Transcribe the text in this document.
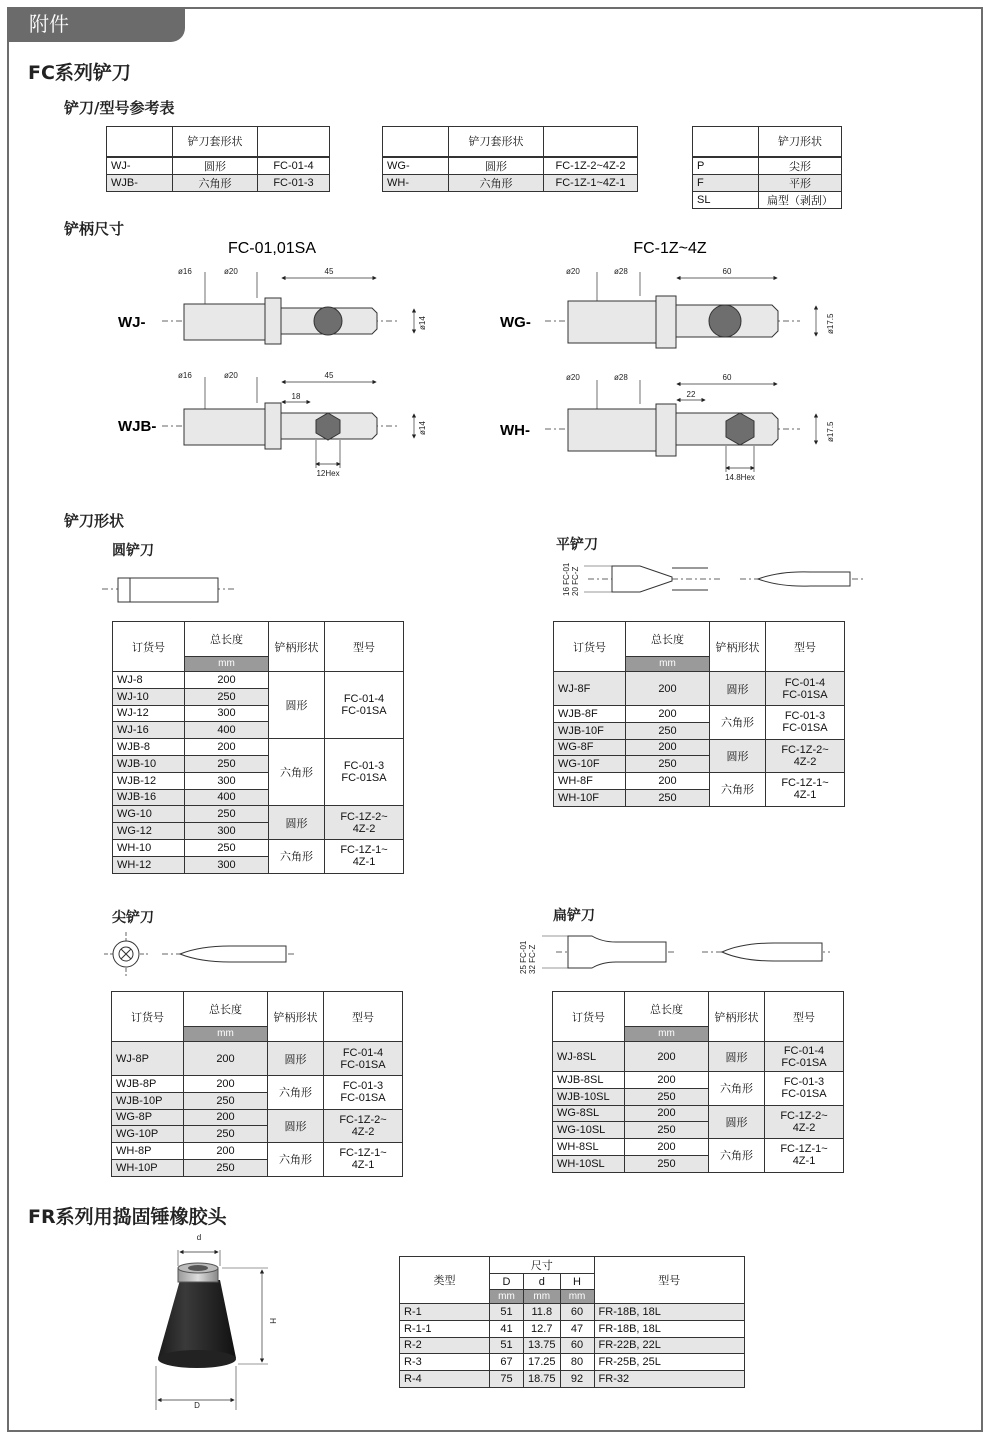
附件
FC系列铲刀
铲刀/型号参考表
	铲刀套形状	
WJ-	圆形	FC-01-4
WJB-	六角形	FC-01-3
	铲刀套形状	
WG-	圆形	FC-1Z-2~4Z-2
WH-	六角形	FC-1Z-1~4Z-1
	铲刀形状
P	尖形
F	平形
SL	扁型（剥刮）
铲柄尺寸
FC-01,01SA	FC-1Z~4Z
WJ-
ø16	ø20	45
ø14
WJB-
ø16	ø20	45
18
12Hex
ø14
WG-
ø20	ø28	60
ø17.5
WH-
ø20	ø28	60
22
14.8Hex
ø17.5
铲刀形状
圆铲刀
订货号	总长度	铲柄形状	型号
	mm		
WJ-8	200	圆形	FC-01-4
FC-01SA

WJ-10	250		
WJ-12	300		
WJ-16	400		
WJB-8	200	六角形	FC-01-3
FC-01SA

WJB-10	250		
WJB-12	300		
WJB-16	400		
WG-10	250	圆形	FC-1Z-2~
4Z-2

WG-12	300		
WH-10	250	六角形	FC-1Z-1~
4Z-1

WH-12	300		
平铲刀
16 FC-01 20 FC-Z
订货号	总长度	铲柄形状	型号
	mm		
WJ-8F	200	圆形	FC-01-4
FC-01SA

WJB-8F	200	六角形	FC-01-3
FC-01SA

WJB-10F	250		
WG-8F	200	圆形	FC-1Z-2~
4Z-2

WG-10F	250		
WH-8F	200	六角形	FC-1Z-1~
4Z-1

WH-10F	250		
尖铲刀
订货号	总长度	铲柄形状	型号
	mm		
WJ-8P	200	圆形	FC-01-4
FC-01SA

WJB-8P	200	六角形	FC-01-3
FC-01SA

WJB-10P	250		
WG-8P	200	圆形	FC-1Z-2~
4Z-2

WG-10P	250		
WH-8P	200	六角形	FC-1Z-1~
4Z-1

WH-10P	250		
扁铲刀
25 FC-01 32 FC-Z
订货号	总长度	铲柄形状	型号
	mm		
WJ-8SL	200	圆形	FC-01-4
FC-01SA

WJB-8SL	200	六角形	FC-01-3
FC-01SA

WJB-10SL	250		
WG-8SL	200	圆形	FC-1Z-2~
4Z-2

WG-10SL	250		
WH-8SL	200	六角形	FC-1Z-1~
4Z-1

WH-10SL	250		
FR系列用捣固锤橡胶头
d
H
D
类型	尺寸			型号
	D	d	H	
	mm	mm	mm	
R-1	51	11.8	60	FR-18B, 18L
R-1-1	41	12.7	47	FR-18B, 18L
R-2	51	13.75	60	FR-22B, 22L
R-3	67	17.25	80	FR-25B, 25L
R-4	75	18.75	92	FR-32
